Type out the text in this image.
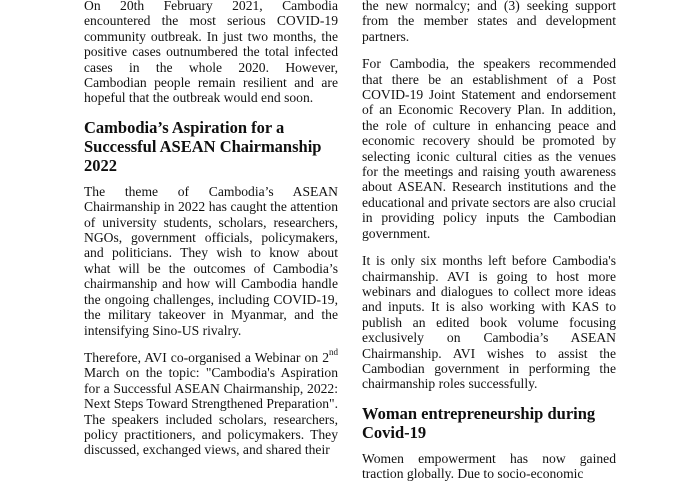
On 20th February 2021, Cambodia encountered the most serious COVID-19 community outbreak. In just two months, the positive cases outnumbered the total infected cases in the whole 2020. However, Cambodian people remain resilient and are hopeful that the outbreak would end soon.

Cambodia’s Aspiration for a Successful ASEAN Chairmanship 2022

The theme of Cambodia’s ASEAN Chairmanship in 2022 has caught the attention of university students, scholars, researchers, NGOs, government officials, policymakers, and politicians. They wish to know about what will be the outcomes of Cambodia’s chairmanship and how will Cambodia handle the ongoing challenges, including COVID-19, the military takeover in Myanmar, and the intensifying Sino-US rivalry.

Therefore, AVI co-organised a Webinar on 2nd March on the topic: "Cambodia's Aspiration for a Successful ASEAN Chairmanship, 2022: Next Steps Toward Strengthened Preparation". The speakers included scholars, researchers, policy practitioners, and policymakers. They discussed, exchanged views, and shared their

the new normalcy; and (3) seeking support from the member states and development partners.

For Cambodia, the speakers recommended that there be an establishment of a Post COVID-19 Joint Statement and endorsement of an Economic Recovery Plan. In addition, the role of culture in enhancing peace and economic recovery should be promoted by selecting iconic cultural cities as the venues for the meetings and raising youth awareness about ASEAN. Research institutions and the educational and private sectors are also crucial in providing policy inputs the Cambodian government.

It is only six months left before Cambodia's chairmanship. AVI is going to host more webinars and dialogues to collect more ideas and inputs. It is also working with KAS to publish an edited book volume focusing exclusively on Cambodia’s ASEAN Chairmanship. AVI wishes to assist the Cambodian government in performing the chairmanship roles successfully.

Woman entrepreneurship during Covid-19

Women empowerment has now gained traction globally. Due to socio-economic
